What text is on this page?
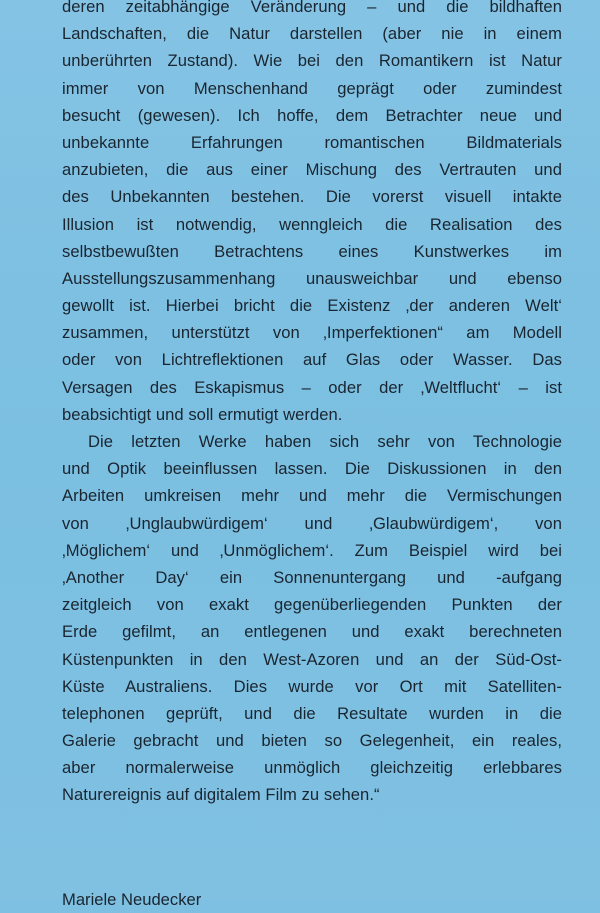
deren zeitabhängige Veränderung – und die bildhaften
Landschaften, die Natur darstellen (aber nie in einem
unberührten Zustand). Wie bei den Romantikern ist Natur
immer von Menschenhand geprägt oder zumindest
besucht (gewesen). Ich hoffe, dem Betrachter neue und
unbekannte Erfahrungen romantischen Bildmaterials
anzubieten, die aus einer Mischung des Vertrauten und
des Unbekannten bestehen. Die vorerst visuell intakte
Illusion ist notwendig, wenngleich die Realisation des
selbstbewußten Betrachtens eines Kunstwerkes im
Ausstellungszusammenhang unausweichbar und ebenso
gewollt ist. Hierbei bricht die Existenz ‚der anderen Welt‘
zusammen, unterstützt von ‚Imperfektionen“ am Modell
oder von Lichtreflektionen auf Glas oder Wasser. Das
Versagen des Eskapismus – oder der ‚Weltflucht‘ – ist
beabsichtigt und soll ermutigt werden.
Die letzten Werke haben sich sehr von Technologie
und Optik beeinflussen lassen. Die Diskussionen in den
Arbeiten umkreisen mehr und mehr die Vermischungen
von ‚Unglaubwürdigem‘ und ‚Glaubwürdigem‘, von
‚Möglichem‘ und ‚Unmöglichem‘. Zum Beispiel wird bei
‚Another Day‘ ein Sonnenuntergang und -aufgang
zeitgleich von exakt gegenüberliegenden Punkten der
Erde gefilmt, an entlegenen und exakt berechneten
Küstenpunkten in den West-Azoren und an der Süd-Ost-
Küste Australiens. Dies wurde vor Ort mit Satelliten-
telephonen geprüft, und die Resultate wurden in die
Galerie gebracht und bieten so Gelegenheit, ein reales,
aber normalerweise unmöglich gleichzeitig erlebbares
Naturereignis auf digitalem Film zu sehen.“
Mariele Neudecker
